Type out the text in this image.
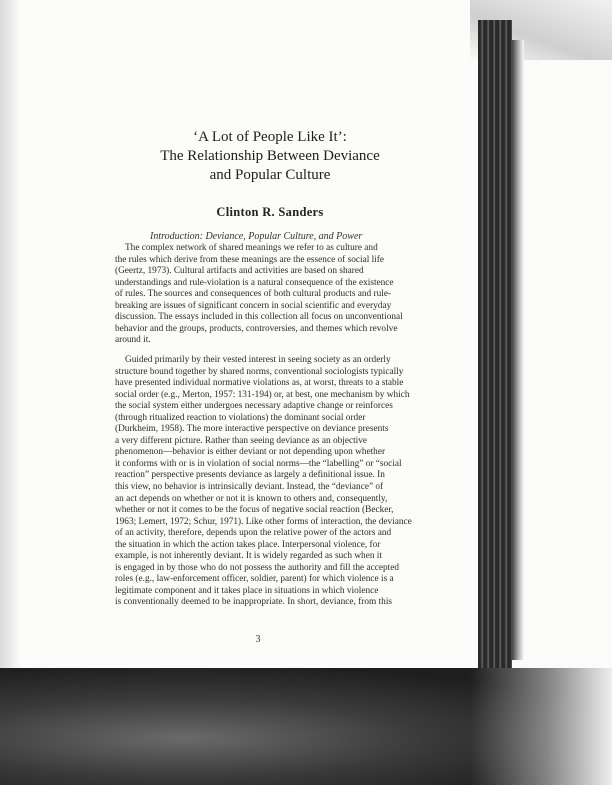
‘A Lot of People Like It’:
The Relationship Between Deviance
and Popular Culture
Clinton R. Sanders
Introduction: Deviance, Popular Culture, and Power
The complex network of shared meanings we refer to as culture and
the rules which derive from these meanings are the essence of social life
(Geertz, 1973). Cultural artifacts and activities are based on shared
understandings and rule-violation is a natural consequence of the existence
of rules. The sources and consequences of both cultural products and rule-
breaking are issues of significant concern in social scientific and everyday
discussion. The essays included in this collection all focus on unconventional
behavior and the groups, products, controversies, and themes which revolve
around it.
Guided primarily by their vested interest in seeing society as an orderly
structure bound together by shared norms, conventional sociologists typically
have presented individual normative violations as, at worst, threats to a stable
social order (e.g., Merton, 1957: 131-194) or, at best, one mechanism by which
the social system either undergoes necessary adaptive change or reinforces
(through ritualized reaction to violations) the dominant social order
(Durkheim, 1958). The more interactive perspective on deviance presents
a very different picture. Rather than seeing deviance as an objective
phenomenon—behavior is either deviant or not depending upon whether
it conforms with or is in violation of social norms—the “labelling” or “social
reaction” perspective presents deviance as largely a definitional issue. In
this view, no behavior is intrinsically deviant. Instead, the “deviance” of
an act depends on whether or not it is known to others and, consequently,
whether or not it comes to be the focus of negative social reaction (Becker,
1963; Lemert, 1972; Schur, 1971). Like other forms of interaction, the deviance
of an activity, therefore, depends upon the relative power of the actors and
the situation in which the action takes place. Interpersonal violence, for
example, is not inherently deviant. It is widely regarded as such when it
is engaged in by those who do not possess the authority and fill the accepted
roles (e.g., law-enforcement officer, soldier, parent) for which violence is a
legitimate component and it takes place in situations in which violence
is conventionally deemed to be inappropriate. In short, deviance, from this
3
